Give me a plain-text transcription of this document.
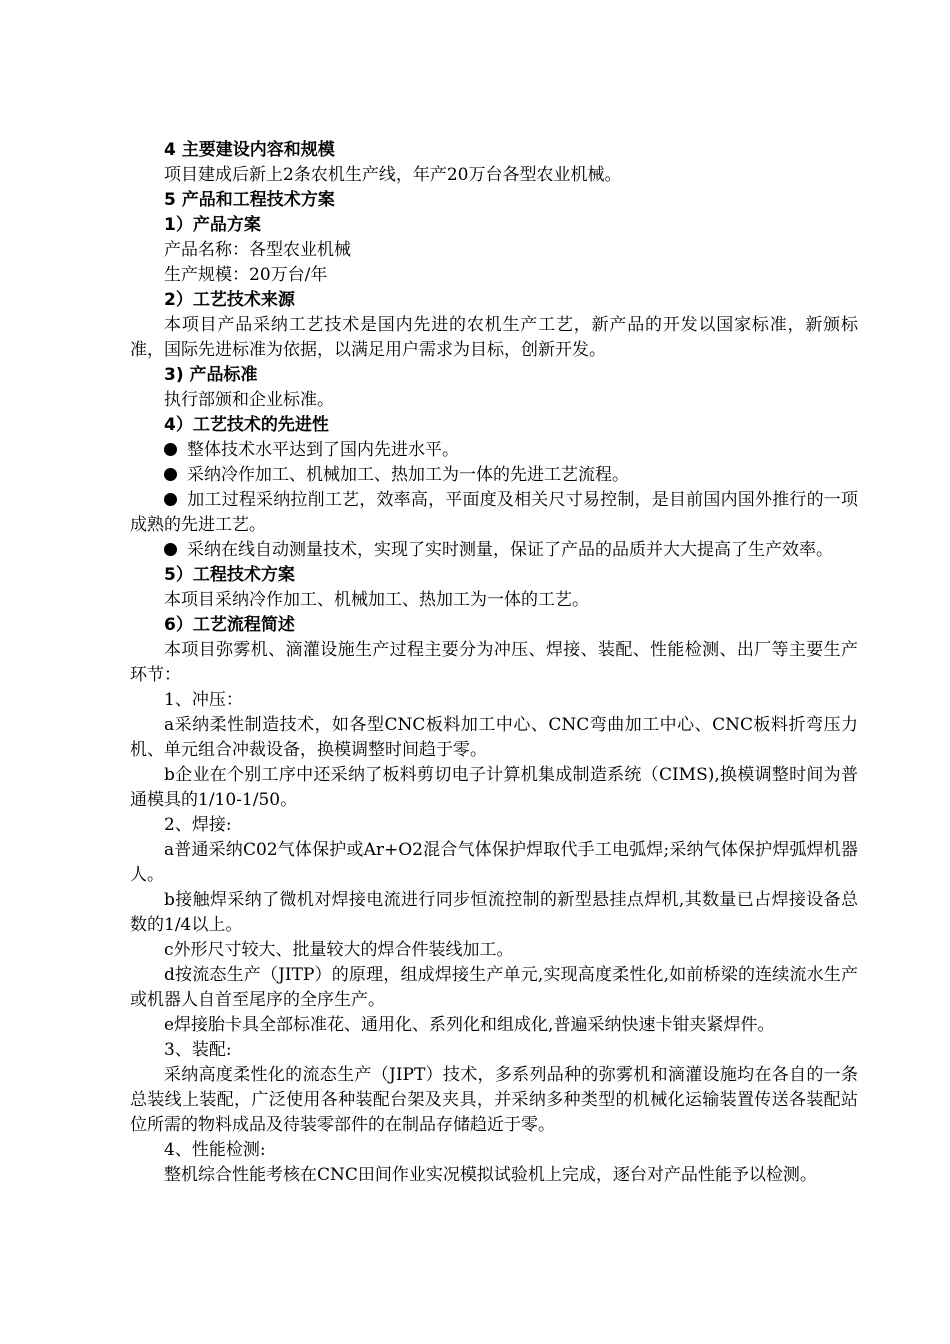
4 主要建设内容和规模

项目建成后新上2条农机生产线，年产20万台各型农业机械。

5 产品和工程技术方案

1）产品方案

产品名称：各型农业机械

生产规模：20万台/年

2）工艺技术来源

本项目产品采纳工艺技术是国内先进的农机生产工艺，新产品的开发以国家标准，新颁标准，国际先进标准为依据，以满足用户需求为目标，创新开发。

3) 产品标准

执行部颁和企业标准。

4）工艺技术的先进性

整体技术水平达到了国内先进水平。

采纳冷作加工、机械加工、热加工为一体的先进工艺流程。

加工过程采纳拉削工艺，效率高，平面度及相关尺寸易控制，是目前国内国外推行的一项成熟的先进工艺。

采纳在线自动测量技术，实现了实时测量，保证了产品的品质并大大提高了生产效率。

5）工程技术方案

本项目采纳冷作加工、机械加工、热加工为一体的工艺。

6）工艺流程简述

本项目弥雾机、滴灌设施生产过程主要分为冲压、焊接、装配、性能检测、出厂等主要生产环节：

1、冲压：

a采纳柔性制造技术，如各型CNC板料加工中心、CNC弯曲加工中心、CNC板料折弯压力机、单元组合冲裁设备，换模调整时间趋于零。

b企业在个别工序中还采纳了板料剪切电子计算机集成制造系统（CIMS),换模调整时间为普通模具的1/10-1/50。

2、焊接:

a普通采纳C02气体保护或Ar+O2混合气体保护焊取代手工电弧焊;采纳气体保护焊弧焊机器人。

b接触焊采纳了微机对焊接电流进行同步恒流控制的新型悬挂点焊机,其数量已占焊接设备总数的1/4以上。

c外形尺寸较大、批量较大的焊合件装线加工。

d按流态生产（JITP）的原理，组成焊接生产单元,实现高度柔性化,如前桥梁的连续流水生产或机器人自首至尾序的全序生产。

e焊接胎卡具全部标准花、通用化、系列化和组成化,普遍采纳快速卡钳夹紧焊件。

3、装配:

采纳高度柔性化的流态生产（JIPT）技术，多系列品种的弥雾机和滴灌设施均在各自的一条总装线上装配，广泛使用各种装配台架及夹具，并采纳多种类型的机械化运输装置传送各装配站位所需的物料成品及待装零部件的在制品存储趋近于零。

4、性能检测:

整机综合性能考核在CNC田间作业实况模拟试验机上完成，逐台对产品性能予以检测。
